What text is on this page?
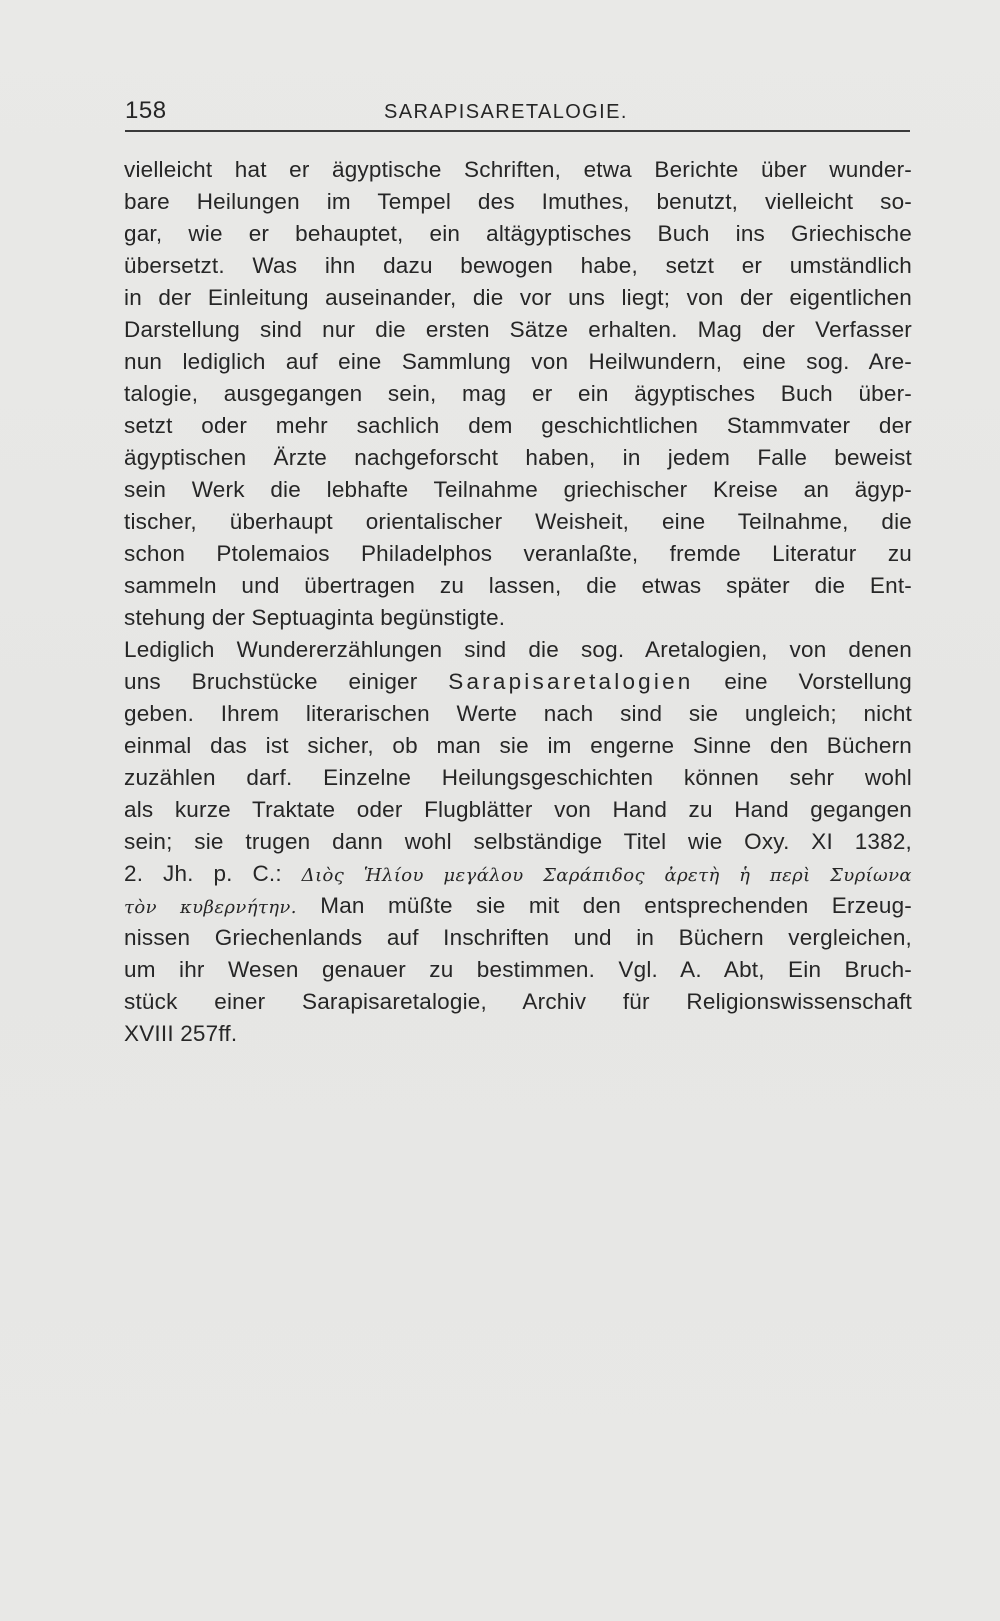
158	SARAPISARETALOGIE.
vielleicht hat er ägyptische Schriften, etwa Berichte über wunder-
bare Heilungen im Tempel des Imuthes, benutzt, vielleicht so-
gar, wie er behauptet, ein altägyptisches Buch ins Griechische
übersetzt. Was ihn dazu bewogen habe, setzt er umständlich
in der Einleitung auseinander, die vor uns liegt; von der eigentlichen
Darstellung sind nur die ersten Sätze erhalten. Mag der Verfasser
nun lediglich auf eine Sammlung von Heilwundern, eine sog. Are-
talogie, ausgegangen sein, mag er ein ägyptisches Buch über-
setzt oder mehr sachlich dem geschichtlichen Stammvater der
ägyptischen Ärzte nachgeforscht haben, in jedem Falle beweist
sein Werk die lebhafte Teilnahme griechischer Kreise an ägyp-
tischer, überhaupt orientalischer Weisheit, eine Teilnahme, die
schon Ptolemaios Philadelphos veranlaßte, fremde Literatur zu
sammeln und übertragen zu lassen, die etwas später die Ent-
stehung der Septuaginta begünstigte.
Lediglich Wundererzählungen sind die sog. Aretalogien, von denen
uns Bruchstücke einiger Sarapisaretalogien eine Vorstellung
geben. Ihrem literarischen Werte nach sind sie ungleich; nicht
einmal das ist sicher, ob man sie im engerne Sinne den Büchern
zuzählen darf. Einzelne Heilungsgeschichten können sehr wohl
als kurze Traktate oder Flugblätter von Hand zu Hand gegangen
sein; sie trugen dann wohl selbständige Titel wie Oxy. XI 1382,
2. Jh. p. C.: Διὸς Ἡλίου μεγάλου Σαράπιδος ἀρετὴ ἡ περὶ Συρίωνα
τὸν κυβερνήτην. Man müßte sie mit den entsprechenden Erzeug-
nissen Griechenlands auf Inschriften und in Büchern vergleichen,
um ihr Wesen genauer zu bestimmen. Vgl. A. Abt, Ein Bruch-
stück einer Sarapisaretalogie, Archiv für Religionswissenschaft
XVIII 257ff.
